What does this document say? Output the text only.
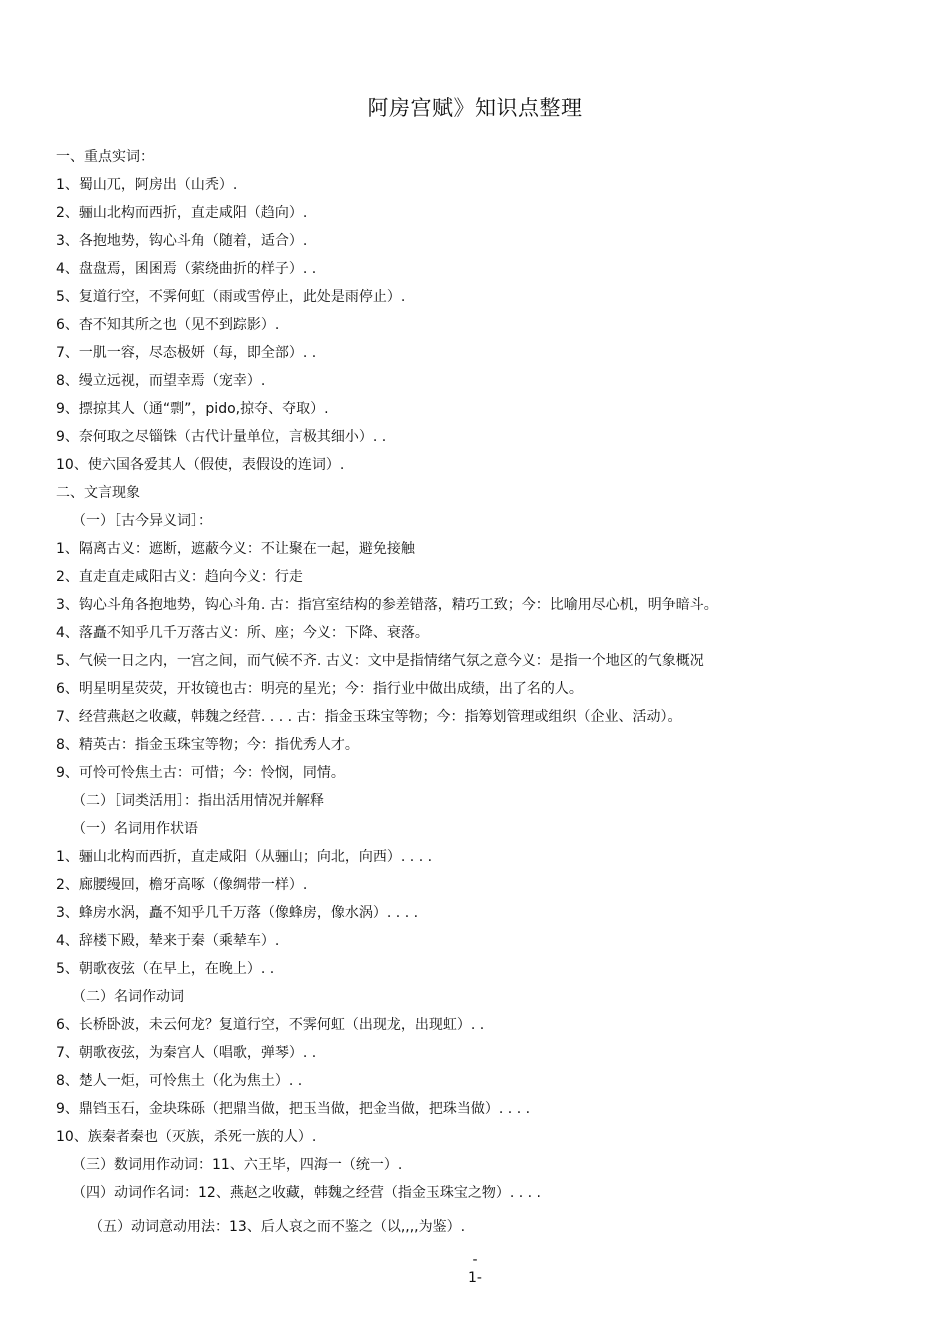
阿房宫赋》知识点整理
一、重点实词：
1、蜀山兀，阿房出（山秃）.
2、骊山北构而西折，直走咸阳（趋向）.
3、各抱地势，钩心斗角（随着，适合）.
4、盘盘焉，囷囷焉（萦绕曲折的样子）. .
5、复道行空，不霁何虹（雨或雪停止，此处是雨停止）.
6、杳不知其所之也（见不到踪影）.
7、一肌一容，尽态极妍（每，即全部）. .
8、缦立远视，而望幸焉（宠幸）.
9、摽掠其人（通“剽”，pido,掠夺、夺取）.
9、奈何取之尽锱铢（古代计量单位，言极其细小）. .
10、使六国各爱其人（假使，表假设的连词）.
二、文言现象
（一）［古今异义词］：
1、隔离古义：遮断，遮蔽今义：不让聚在一起，避免接触
2、直走直走咸阳古义：趋向今义：行走
3、钩心斗角各抱地势，钩心斗角. 古：指宫室结构的参差错落，精巧工致；今：比喻用尽心机，明争暗斗。
4、落矗不知乎几千万落古义：所、座；今义：下降、衰落。
5、气候一日之内，一宫之间，而气候不齐. 古义：文中是指情绪气氛之意今义：是指一个地区的气象概况
6、明星明星荧荧，开妆镜也古：明亮的星光；今：指行业中做出成绩，出了名的人。
7、经营燕赵之收藏，韩魏之经营. . . . 古：指金玉珠宝等物；今：指筹划管理或组织（企业、活动）。
8、精英古：指金玉珠宝等物；今：指优秀人才。
9、可怜可怜焦土古：可惜；今：怜悯，同情。
（二）［词类活用］：指出活用情况并解释
（一）名词用作状语
1、骊山北构而西折，直走咸阳（从骊山；向北，向西）. . . .
2、廊腰缦回，檐牙高啄（像绸带一样）.
3、蜂房水涡，矗不知乎几千万落（像蜂房，像水涡）. . . .
4、辞楼下殿，辇来于秦（乘辇车）.
5、朝歌夜弦（在早上，在晚上）. .
（二）名词作动词
6、长桥卧波，未云何龙？复道行空，不霁何虹（出现龙，出现虹）. .
7、朝歌夜弦，为秦宫人（唱歌，弹琴）. .
8、楚人一炬，可怜焦土（化为焦土）. .
9、鼎铛玉石，金块珠砾（把鼎当做，把玉当做，把金当做，把珠当做）. . . .
10、族秦者秦也（灭族，杀死一族的人）.
（三）数词用作动词：11、六王毕，四海一（统一）.
（四）动词作名词：12、燕赵之收藏，韩魏之经营（指金玉珠宝之物）. . . .
（五）动词意动用法：13、后人哀之而不鉴之（以,,,,为鉴）.
-
1-
